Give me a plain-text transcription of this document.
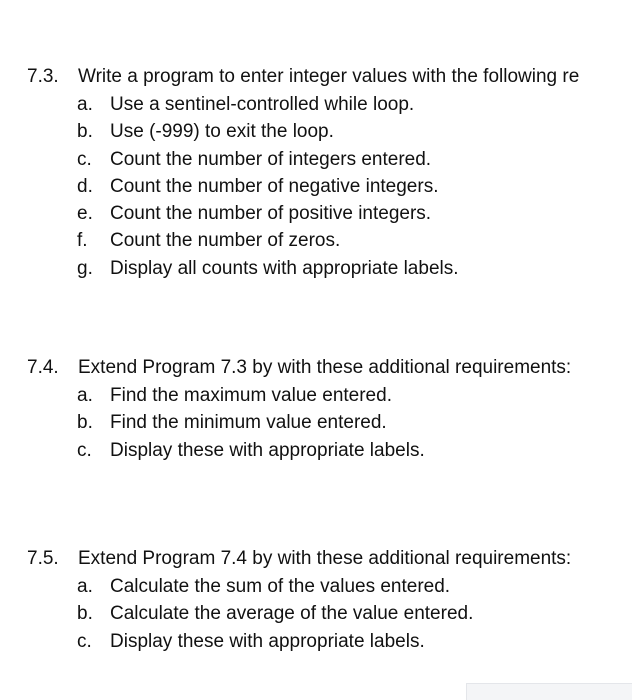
7.3. Write a program to enter integer values with the following re
a. Use a sentinel-controlled while loop.
b. Use (-999) to exit the loop.
c. Count the number of integers entered.
d. Count the number of negative integers.
e. Count the number of positive integers.
f. Count the number of zeros.
g. Display all counts with appropriate labels.
7.4. Extend Program 7.3 by with these additional requirements:
a. Find the maximum value entered.
b. Find the minimum value entered.
c. Display these with appropriate labels.
7.5. Extend Program 7.4 by with these additional requirements:
a. Calculate the sum of the values entered.
b. Calculate the average of the value entered.
c. Display these with appropriate labels.
